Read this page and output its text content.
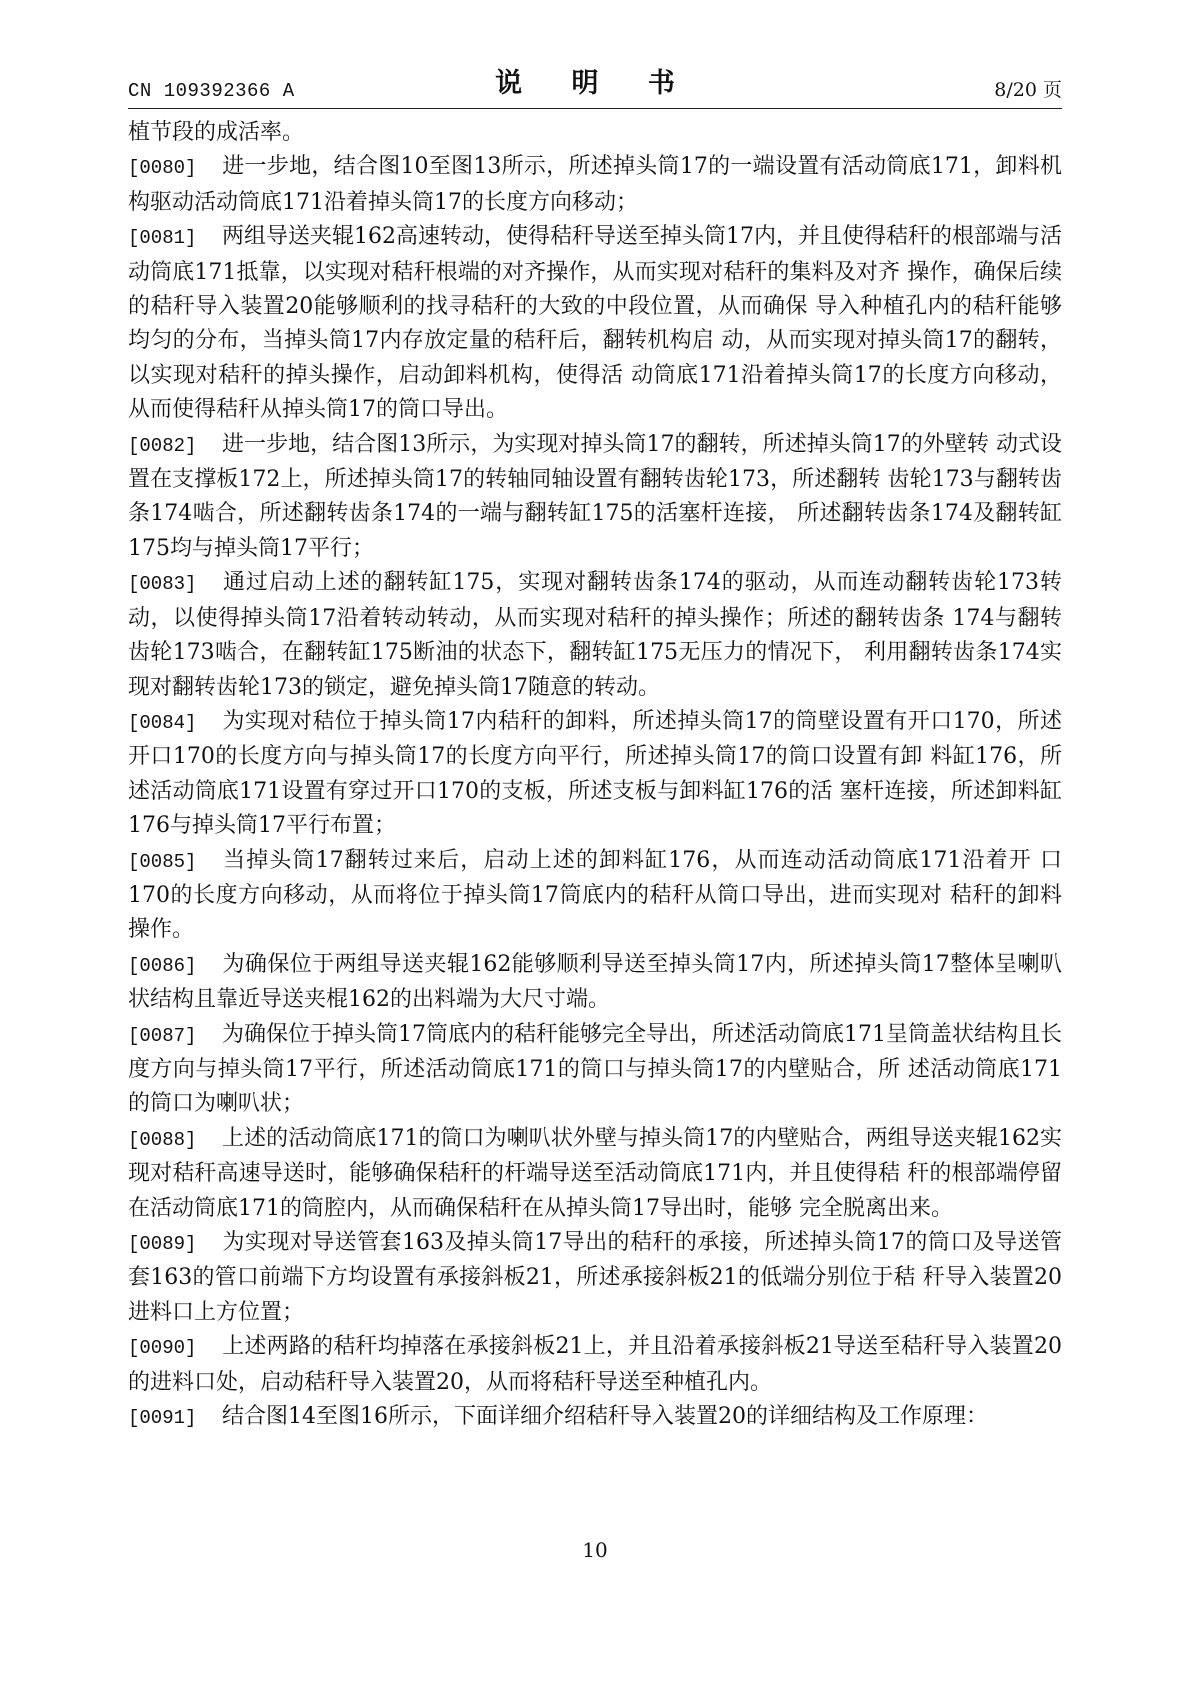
CN 109392366 A	说 明 书	8/20 页

植节段的成活率。

[0080] 进一步地，结合图10至图13所示，所述掉头筒17的一端设置有活动筒底171，卸料机构驱动活动筒底171沿着掉头筒17的长度方向移动；

[0081] 两组导送夹辊162高速转动，使得秸秆导送至掉头筒17内，并且使得秸秆的根部端与活动筒底171抵靠，以实现对秸秆根端的对齐操作，从而实现对秸秆的集料及对齐 操作，确保后续的秸秆导入装置20能够顺利的找寻秸秆的大致的中段位置，从而确保 导入种植孔内的秸秆能够均匀的分布，当掉头筒17内存放定量的秸秆后，翻转机构启 动，从而实现对掉头筒17的翻转，以实现对秸秆的掉头操作，启动卸料机构，使得活 动筒底171沿着掉头筒17的长度方向移动，从而使得秸秆从掉头筒17的筒口导出。

[0082] 进一步地，结合图13所示，为实现对掉头筒17的翻转，所述掉头筒17的外壁转 动式设置在支撑板172上，所述掉头筒17的转轴同轴设置有翻转齿轮173，所述翻转 齿轮173与翻转齿条174啮合，所述翻转齿条174的一端与翻转缸175的活塞杆连接， 所述翻转齿条174及翻转缸175均与掉头筒17平行；

[0083] 通过启动上述的翻转缸175，实现对翻转齿条174的驱动，从而连动翻转齿轮173转动，以使得掉头筒17沿着转动转动，从而实现对秸秆的掉头操作；所述的翻转齿条 174与翻转齿轮173啮合，在翻转缸175断油的状态下，翻转缸175无压力的情况下， 利用翻转齿条174实现对翻转齿轮173的锁定，避免掉头筒17随意的转动。

[0084] 为实现对秸位于掉头筒17内秸秆的卸料，所述掉头筒17的筒壁设置有开口170，所述开口170的长度方向与掉头筒17的长度方向平行，所述掉头筒17的筒口设置有卸 料缸176，所述活动筒底171设置有穿过开口170的支板，所述支板与卸料缸176的活 塞杆连接，所述卸料缸176与掉头筒17平行布置；

[0085] 当掉头筒17翻转过来后，启动上述的卸料缸176，从而连动活动筒底171沿着开 口170的长度方向移动，从而将位于掉头筒17筒底内的秸秆从筒口导出，进而实现对 秸秆的卸料操作。

[0086] 为确保位于两组导送夹辊162能够顺利导送至掉头筒17内，所述掉头筒17整体呈喇叭状结构且靠近导送夹棍162的出料端为大尺寸端。

[0087] 为确保位于掉头筒17筒底内的秸秆能够完全导出，所述活动筒底171呈筒盖状结构且长度方向与掉头筒17平行，所述活动筒底171的筒口与掉头筒17的内壁贴合，所 述活动筒底171的筒口为喇叭状；

[0088] 上述的活动筒底171的筒口为喇叭状外壁与掉头筒17的内壁贴合，两组导送夹辊162实现对秸秆高速导送时，能够确保秸秆的杆端导送至活动筒底171内，并且使得秸 秆的根部端停留在活动筒底171的筒腔内，从而确保秸秆在从掉头筒17导出时，能够 完全脱离出来。

[0089] 为实现对导送管套163及掉头筒17导出的秸秆的承接，所述掉头筒17的筒口及导送管套163的管口前端下方均设置有承接斜板21，所述承接斜板21的低端分别位于秸 秆导入装置20进料口上方位置；

[0090] 上述两路的秸秆均掉落在承接斜板21上，并且沿着承接斜板21导送至秸秆导入装置20的进料口处，启动秸秆导入装置20，从而将秸秆导送至种植孔内。

[0091] 结合图14至图16所示，下面详细介绍秸秆导入装置20的详细结构及工作原理：

10
